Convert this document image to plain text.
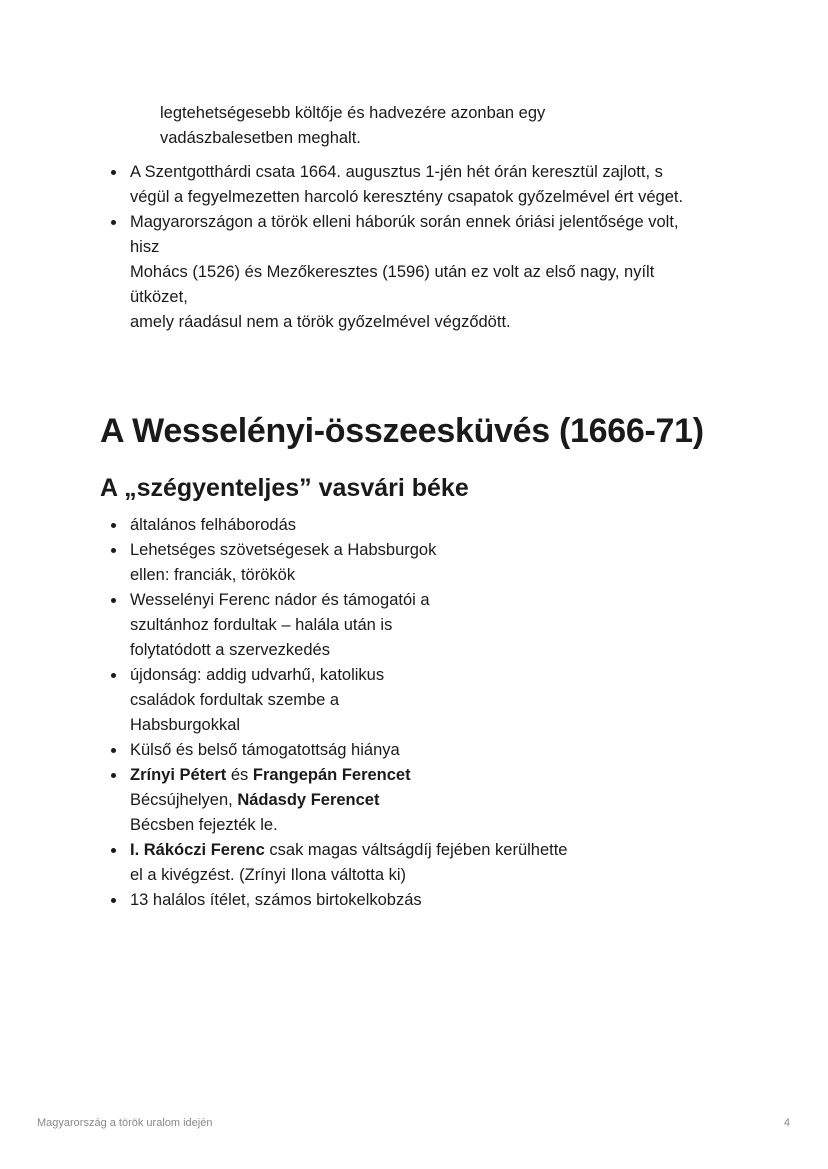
legtehetségesebb költője és hadvezére azonban egy
vadászbalesetben meghalt.
A Szentgotthárdi csata 1664. augusztus 1-jén hét órán keresztül zajlott, s
végül a fegyelmezetten harcoló keresztény csapatok győzelmével ért véget.
Magyarországon a török elleni háborúk során ennek óriási jelentősége volt,
hisz
Mohács (1526) és Mezőkeresztes (1596) után ez volt az első nagy, nyílt
ütközet,
amely ráadásul nem a török győzelmével végződött.
A Wesselényi-összeesküvés (1666-71)
A „szégyenteljes” vasvári béke
általános felháborodás
Lehetséges szövetségesek a Habsburgok
ellen: franciák, törökök
Wesselényi Ferenc nádor és támogatói a
szultánhoz fordultak – halála után is
folytatódott a szervezkedés
újdonság: addig udvarhű, katolikus
családok fordultak szembe a
Habsburgokkal
Külső és belső támogatottság hiánya
Zrínyi Pétert és Frangepán Ferencet
Bécsújhelyen, Nádasdy Ferencet
Bécsben fejezték le.
I. Rákóczi Ferenc csak magas váltságdíj fejében kerülhette
el a kivégzést. (Zrínyi Ilona váltotta ki)
13 halálos ítélet, számos birtokelkobzás
Magyarország a török uralom idején	4
